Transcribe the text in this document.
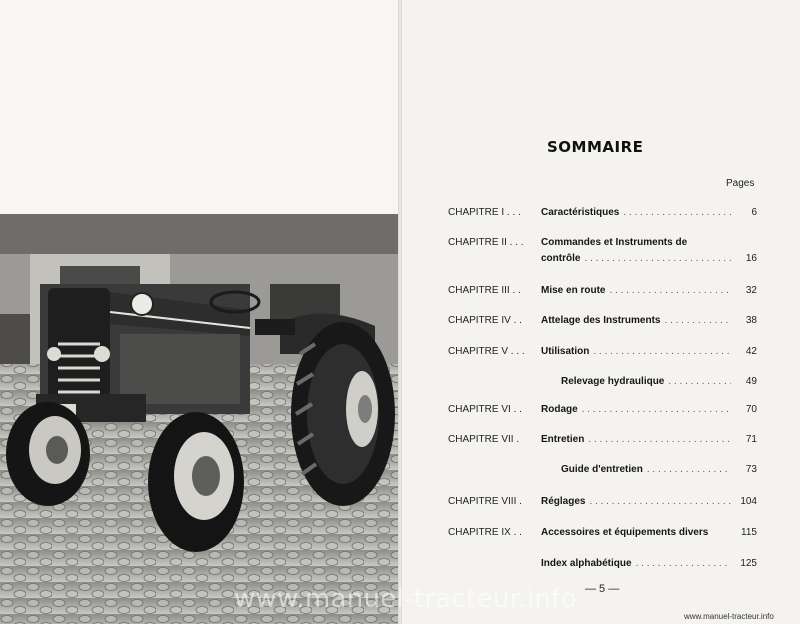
SOMMAIRE
Pages
CHAPITRE I . . . Caractéristiques . . .	6
CHAPITRE II . . . Commandes et Instruments de
contrôle . . .	16
CHAPITRE III . . Mise en route . . .	32
CHAPITRE IV . . Attelage des Instruments . . .	38
CHAPITRE V . . . Utilisation . . .	42
Relevage hydraulique . . .	49
CHAPITRE VI . . Rodage . . .	70
CHAPITRE VII . Entretien . . .	71
Guide d'entretien . . .	73
CHAPITRE VIII . Réglages . . .	104
CHAPITRE IX . . Accessoires et équipements divers	115
Index alphabétique . . .	125
— 5 —
www.manuel-tracteur.info
www.manuel-tracteur.info
